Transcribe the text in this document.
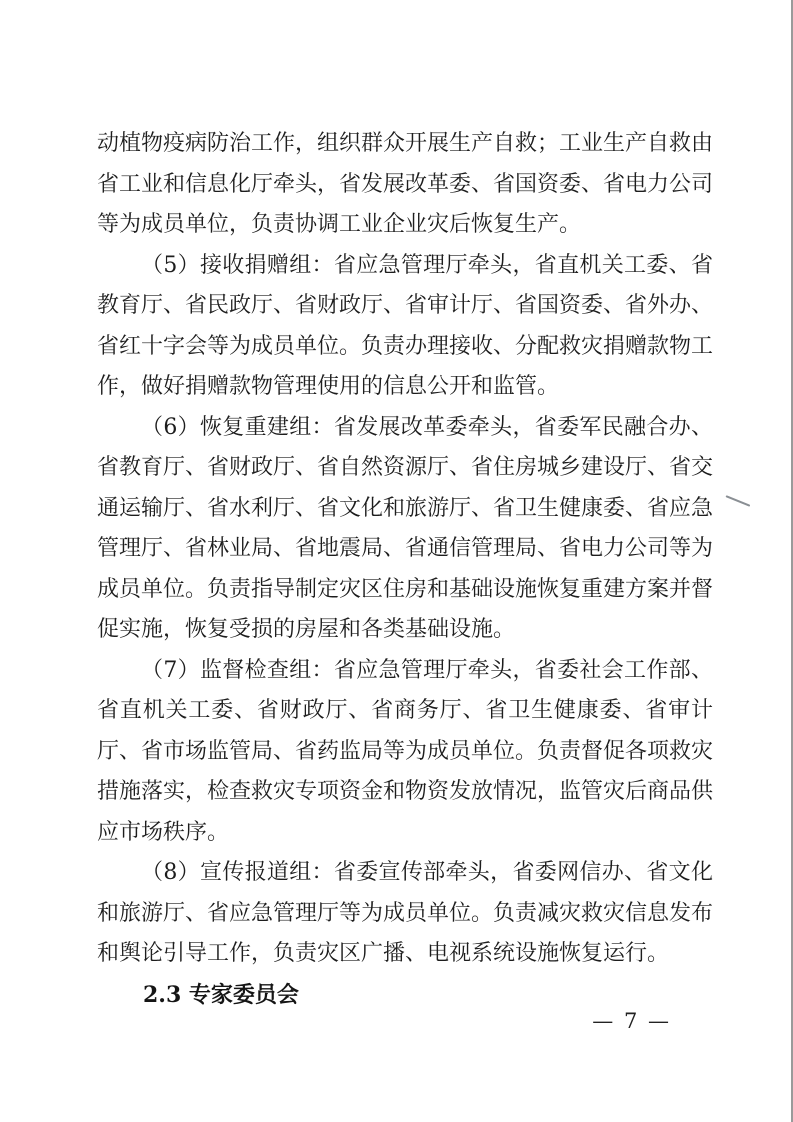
动植物疫病防治工作，组织群众开展生产自救；工业生产自救由省工业和信息化厅牵头，省发展改革委、省国资委、省电力公司等为成员单位，负责协调工业企业灾后恢复生产。

（5）接收捐赠组：省应急管理厅牵头，省直机关工委、省教育厅、省民政厅、省财政厅、省审计厅、省国资委、省外办、省红十字会等为成员单位。负责办理接收、分配救灾捐赠款物工作，做好捐赠款物管理使用的信息公开和监管。

（6）恢复重建组：省发展改革委牵头，省委军民融合办、省教育厅、省财政厅、省自然资源厅、省住房城乡建设厅、省交通运输厅、省水利厅、省文化和旅游厅、省卫生健康委、省应急管理厅、省林业局、省地震局、省通信管理局、省电力公司等为成员单位。负责指导制定灾区住房和基础设施恢复重建方案并督促实施，恢复受损的房屋和各类基础设施。

（7）监督检查组：省应急管理厅牵头，省委社会工作部、省直机关工委、省财政厅、省商务厅、省卫生健康委、省审计厅、省市场监管局、省药监局等为成员单位。负责督促各项救灾措施落实，检查救灾专项资金和物资发放情况，监管灾后商品供应市场秩序。

（8）宣传报道组：省委宣传部牵头，省委网信办、省文化和旅游厅、省应急管理厅等为成员单位。负责减灾救灾信息发布和舆论引导工作，负责灾区广播、电视系统设施恢复运行。

2.3 专家委员会
— 7 —
